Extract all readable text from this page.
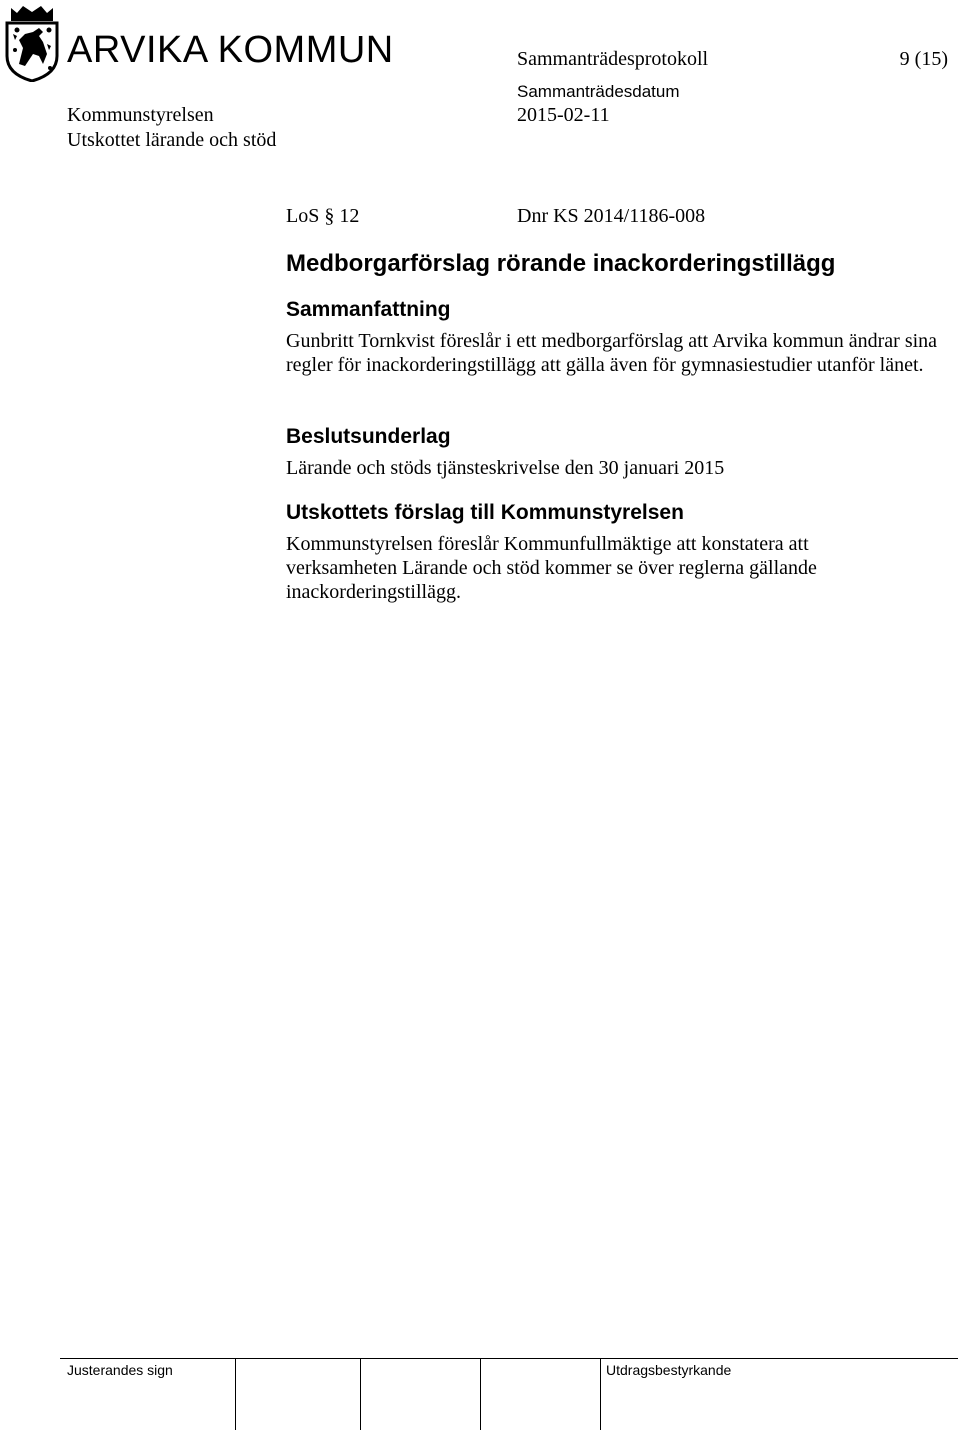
ARVIKA KOMMUN	Sammanträdesprotokoll	9 (15)
Sammanträdesdatum
Kommunstyrelsen	2015-02-11
Utskottet lärande och stöd
LoS § 12	Dnr KS 2014/1186-008
Medborgarförslag rörande inackorderingstillägg
Sammanfattning
Gunbritt Tornkvist föreslår i ett medborgarförslag att Arvika kommun ändrar sina regler för inackorderingstillägg att gälla även för gymnasiestudier utanför länet.
Beslutsunderlag
Lärande och stöds tjänsteskrivelse den 30 januari 2015
Utskottets förslag till Kommunstyrelsen
Kommunstyrelsen föreslår Kommunfullmäktige att konstatera att verksamheten Lärande och stöd kommer se över reglerna gällande inackorderingstillägg.
Justerandes sign	Utdragsbestyrkande
